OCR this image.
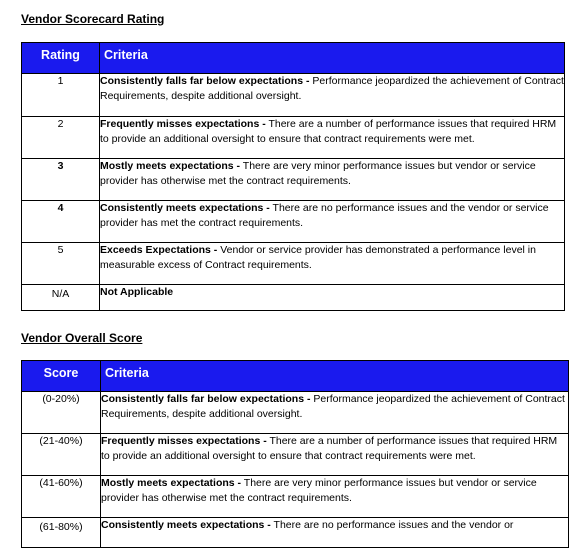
Vendor Scorecard Rating
Rating	Criteria
1	Consistently falls far below expectations - Performance jeopardized the achievement of Contract Requirements, despite additional oversight.
2	Frequently misses expectations - There are a number of performance issues that required HRM to provide an additional oversight to ensure that contract requirements were met.
3	Mostly meets expectations - There are very minor performance issues but vendor or service provider has otherwise met the contract requirements.
4	Consistently meets expectations - There are no performance issues and the vendor or service provider has met the contract requirements.
5	Exceeds Expectations - Vendor or service provider has demonstrated a performance level in measurable excess of Contract requirements.
N/A	Not Applicable
Vendor Overall Score
Score	Criteria
(0-20%)	Consistently falls far below expectations - Performance jeopardized the achievement of Contract Requirements, despite additional oversight.
(21-40%)	Frequently misses expectations - There are a number of performance issues that required HRM to provide an additional oversight to ensure that contract requirements were met.
(41-60%)	Mostly meets expectations - There are very minor performance issues but vendor or service provider has otherwise met the contract requirements.
(61-80%)	Consistently meets expectations - There are no performance issues and the vendor or
